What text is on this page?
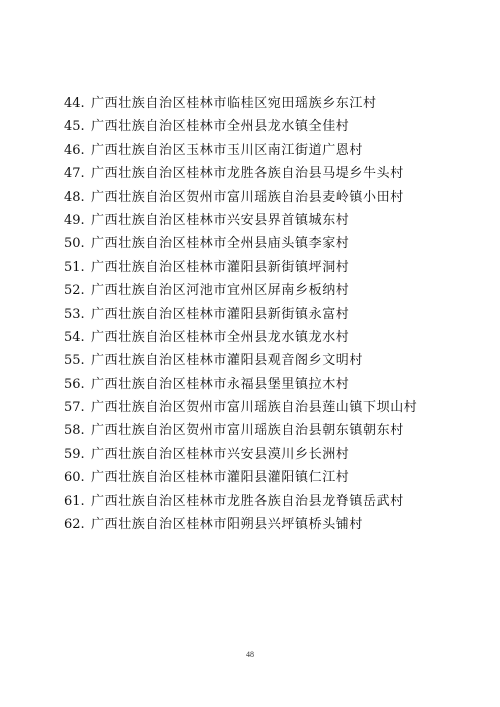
44. 广西壮族自治区桂林市临桂区宛田瑶族乡东江村
45. 广西壮族自治区桂林市全州县龙水镇全佳村
46. 广西壮族自治区玉林市玉川区南江街道广恩村
47. 广西壮族自治区桂林市龙胜各族自治县马堤乡牛头村
48. 广西壮族自治区贺州市富川瑶族自治县麦岭镇小田村
49. 广西壮族自治区桂林市兴安县界首镇城东村
50. 广西壮族自治区桂林市全州县庙头镇李家村
51. 广西壮族自治区桂林市灌阳县新街镇坪洞村
52. 广西壮族自治区河池市宜州区屏南乡板纳村
53. 广西壮族自治区桂林市灌阳县新街镇永富村
54. 广西壮族自治区桂林市全州县龙水镇龙水村
55. 广西壮族自治区桂林市灌阳县观音阁乡文明村
56. 广西壮族自治区桂林市永福县堡里镇拉木村
57. 广西壮族自治区贺州市富川瑶族自治县莲山镇下坝山村
58. 广西壮族自治区贺州市富川瑶族自治县朝东镇朝东村
59. 广西壮族自治区桂林市兴安县漠川乡长洲村
60. 广西壮族自治区桂林市灌阳县灌阳镇仁江村
61. 广西壮族自治区桂林市龙胜各族自治县龙脊镇岳武村
62. 广西壮族自治区桂林市阳朔县兴坪镇桥头铺村
48
